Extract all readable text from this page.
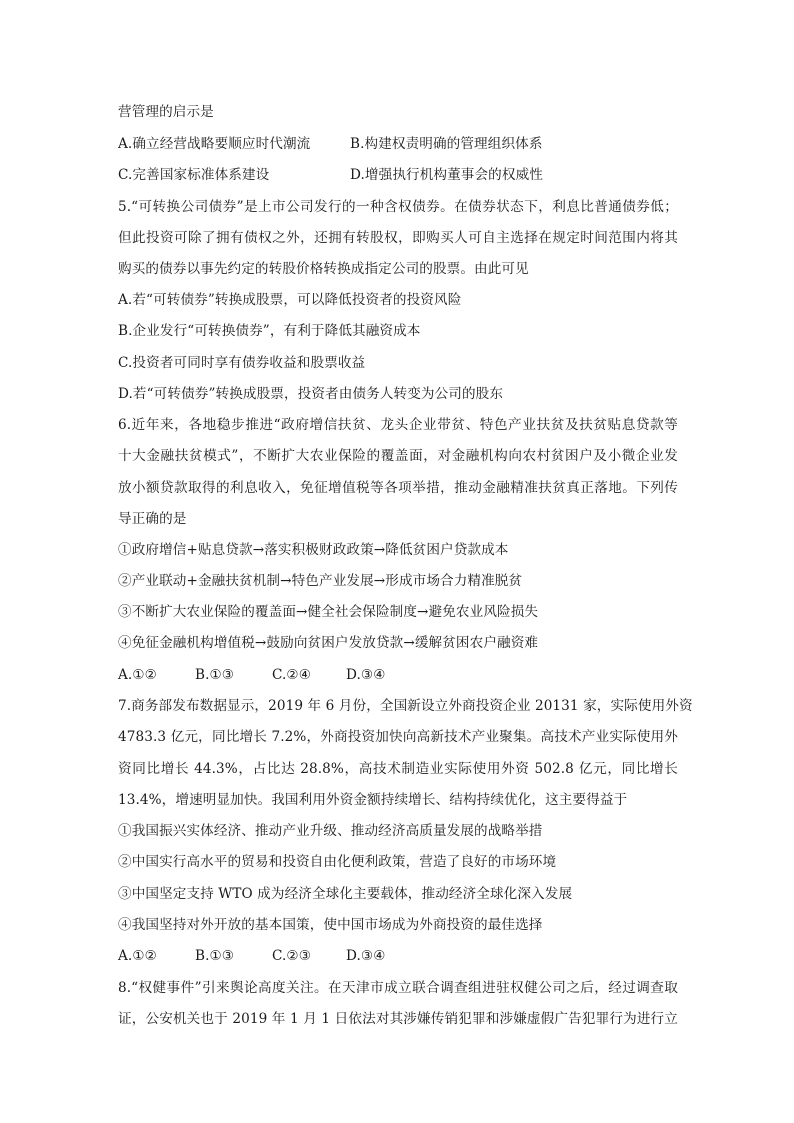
营管理的启示是
A.确立经营战略要顺应时代潮流	B.构建权责明确的管理组织体系
C.完善国家标准体系建设	D.增强执行机构董事会的权威性
5.“可转换公司债券”是上市公司发行的一种含权债券。在债券状态下，利息比普通债券低；
但此投资可除了拥有债权之外，还拥有转股权，即购买人可自主选择在规定时间范围内将其
购买的债券以事先约定的转股价格转换成指定公司的股票。由此可见
A.若“可转债券”转换成股票，可以降低投资者的投资风险
B.企业发行“可转换债券”，有利于降低其融资成本
C.投资者可同时享有债券收益和股票收益
D.若“可转债券”转换成股票，投资者由债务人转变为公司的股东
6.近年来，各地稳步推进“政府增信扶贫、龙头企业带贫、特色产业扶贫及扶贫贴息贷款等
十大金融扶贫模式”，不断扩大农业保险的覆盖面，对金融机构向农村贫困户及小微企业发
放小额贷款取得的利息收入，免征增值税等各项举措，推动金融精准扶贫真正落地。下列传
导正确的是
①政府增信+贴息贷款→落实积极财政政策→降低贫困户贷款成本
②产业联动+金融扶贫机制→特色产业发展→形成市场合力精准脱贫
③不断扩大农业保险的覆盖面→健全社会保险制度→避免农业风险损失
④免征金融机构增值税→鼓励向贫困户发放贷款→缓解贫困农户融资难
A.①②	B.①③	C.②④	D.③④
7.商务部发布数据显示，2019 年 6 月份，全国新设立外商投资企业 20131 家，实际使用外资
4783.3 亿元，同比增长 7.2%，外商投资加快向高新技术产业聚集。高技术产业实际使用外
资同比增长 44.3%，占比达 28.8%，高技术制造业实际使用外资 502.8 亿元，同比增长
13.4%，增速明显加快。我国利用外资金额持续增长、结构持续优化，这主要得益于
①我国振兴实体经济、推动产业升级、推动经济高质量发展的战略举措
②中国实行高水平的贸易和投资自由化便利政策，营造了良好的市场环境
③中国坚定支持 WTO 成为经济全球化主要载体，推动经济全球化深入发展
④我国坚持对外开放的基本国策，使中国市场成为外商投资的最佳选择
A.①②	B.①③	C.②③	D.③④
8.“权健事件”引来舆论高度关注。在天津市成立联合调查组进驻权健公司之后，经过调查取
证，公安机关也于 2019 年 1 月 1 日依法对其涉嫌传销犯罪和涉嫌虚假广告犯罪行为进行立
